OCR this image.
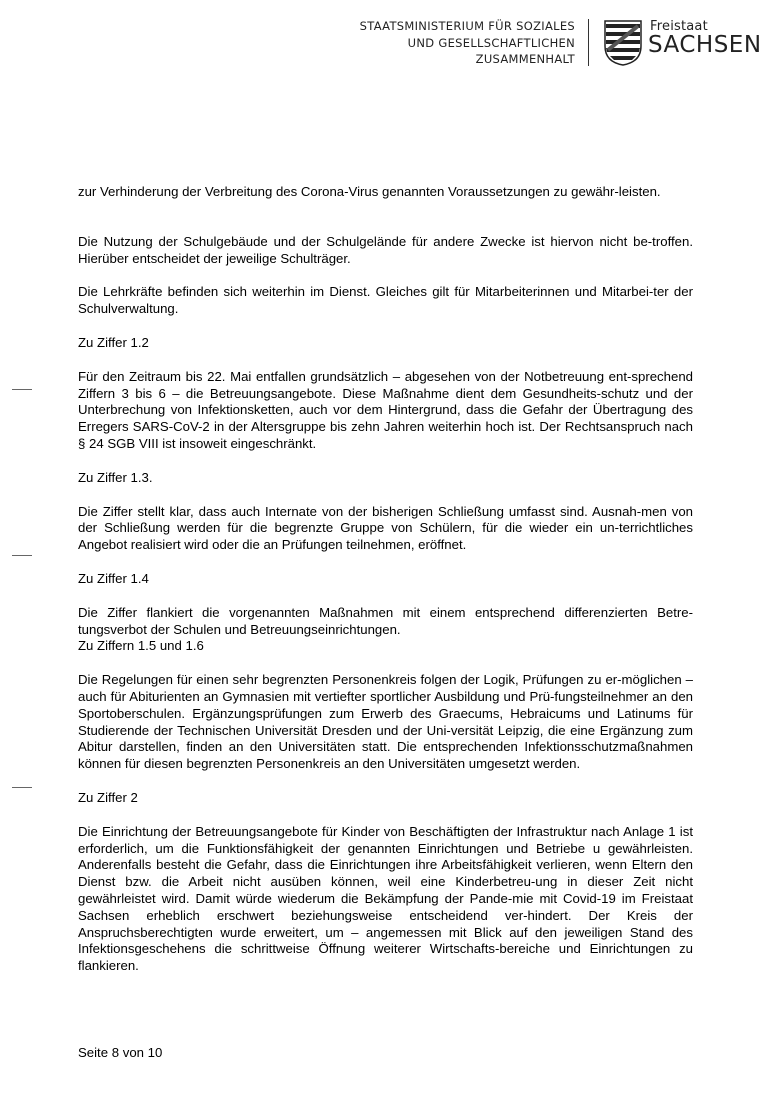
STAATSMINISTERIUM FÜR SOZIALES
UND GESELLSCHAFTLICHEN
ZUSAMMENHALT
Freistaat
SACHSEN

zur Verhinderung der Verbreitung des Corona-Virus genannten Voraussetzungen zu gewähr-leisten.

Die Nutzung der Schulgebäude und der Schulgelände für andere Zwecke ist hiervon nicht be-troffen. Hierüber entscheidet der jeweilige Schulträger.

Die Lehrkräfte befinden sich weiterhin im Dienst. Gleiches gilt für Mitarbeiterinnen und Mitarbei-ter der Schulverwaltung.

Zu Ziffer 1.2

Für den Zeitraum bis 22. Mai entfallen grundsätzlich – abgesehen von der Notbetreuung ent-sprechend Ziffern 3 bis 6 – die Betreuungsangebote. Diese Maßnahme dient dem Gesundheits-schutz und der Unterbrechung von Infektionsketten, auch vor dem Hintergrund, dass die Gefahr der Übertragung des Erregers SARS-CoV-2 in der Altersgruppe bis zehn Jahren weiterhin hoch ist. Der Rechtsanspruch nach § 24 SGB VIII ist insoweit eingeschränkt.

Zu Ziffer 1.3.

Die Ziffer stellt klar, dass auch Internate von der bisherigen Schließung umfasst sind. Ausnah-men von der Schließung werden für die begrenzte Gruppe von Schülern, für die wieder ein un-terrichtliches Angebot realisiert wird oder die an Prüfungen teilnehmen, eröffnet.

Zu Ziffer 1.4

Die Ziffer flankiert die vorgenannten Maßnahmen mit einem entsprechend differenzierten Betre-tungsverbot der Schulen und Betreuungseinrichtungen.

Zu Ziffern 1.5 und 1.6

Die Regelungen für einen sehr begrenzten Personenkreis folgen der Logik, Prüfungen zu er-möglichen – auch für Abiturienten an Gymnasien mit vertiefter sportlicher Ausbildung und Prü-fungsteilnehmer an den Sportoberschulen. Ergänzungsprüfungen zum Erwerb des Graecums, Hebraicums und Latinums für Studierende der Technischen Universität Dresden und der Uni-versität Leipzig, die eine Ergänzung zum Abitur darstellen, finden an den Universitäten statt. Die entsprechenden Infektionsschutzmaßnahmen können für diesen begrenzten Personenkreis an den Universitäten umgesetzt werden.

Zu Ziffer 2

Die Einrichtung der Betreuungsangebote für Kinder von Beschäftigten der Infrastruktur nach Anlage 1 ist erforderlich, um die Funktionsfähigkeit der genannten Einrichtungen und Betriebe u gewährleisten. Anderenfalls besteht die Gefahr, dass die Einrichtungen ihre Arbeitsfähigkeit verlieren, wenn Eltern den Dienst bzw. die Arbeit nicht ausüben können, weil eine Kinderbetreu-ung in dieser Zeit nicht gewährleistet wird. Damit würde wiederum die Bekämpfung der Pande-mie mit Covid-19 im Freistaat Sachsen erheblich erschwert beziehungsweise entscheidend ver-hindert. Der Kreis der Anspruchsberechtigten wurde erweitert, um – angemessen mit Blick auf den jeweiligen Stand des Infektionsgeschehens die schrittweise Öffnung weiterer Wirtschafts-bereiche und Einrichtungen zu flankieren.

Seite 8 von 10
